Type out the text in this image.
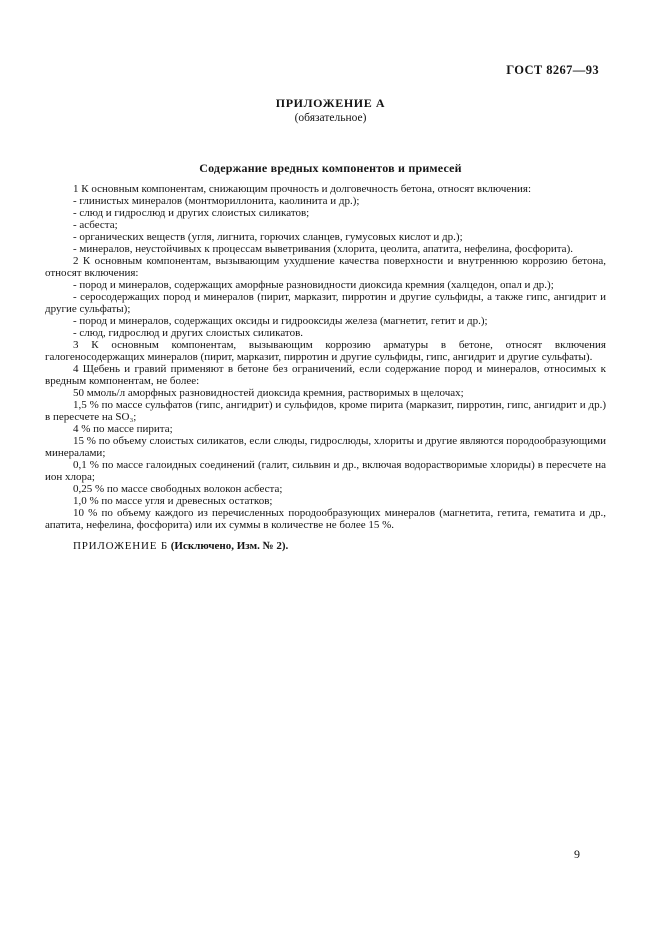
ГОСТ 8267—93
ПРИЛОЖЕНИЕ А
(обязательное)
Содержание вредных компонентов и примесей

1 К основным компонентам, снижающим прочность и долговечность бетона, относят включения:

- глинистых минералов (монтмориллонита, каолинита и др.);

- слюд и гидрослюд и других слоистых силикатов;

- асбеста;

- органических веществ (угля, лигнита, горючих сланцев, гумусовых кислот и др.);

- минералов, неустойчивых к процессам выветривания (хлорита, цеолита, апатита, нефелина, фосфорита).

2 К основным компонентам, вызывающим ухудшение качества поверхности и внутреннюю коррозию бетона, относят включения:

- пород и минералов, содержащих аморфные разновидности диоксида кремния (халцедон, опал и др.);

- серосодержащих пород и минералов (пирит, марказит, пирротин и другие сульфиды, а также гипс, ангидрит и другие сульфаты);

- пород и минералов, содержащих оксиды и гидрооксиды железа (магнетит, гетит и др.);

- слюд, гидрослюд и других слоистых силикатов.

3 К основным компонентам, вызывающим коррозию арматуры в бетоне, относят включения галогеносодержащих минералов (пирит, марказит, пирротин и другие сульфиды, гипс, ангидрит и другие сульфаты).

4 Щебень и гравий применяют в бетоне без ограничений, если содержание пород и минералов, относимых к вредным компонентам, не более:

50 ммоль/л аморфных разновидностей диоксида кремния, растворимых в щелочах;

1,5 % по массе сульфатов (гипс, ангидрит) и сульфидов, кроме пирита (марказит, пирротин, гипс, ангидрит и др.) в пересчете на SO₃;

4 % по массе пирита;

15 % по объему слоистых силикатов, если слюды, гидрослюды, хлориты и другие являются породообразующими минералами;

0,1 % по массе галоидных соединений (галит, сильвин и др., включая водорастворимые хлориды) в пересчете на ион хлора;

0,25 % по массе свободных волокон асбеста;

1,0 % по массе угля и древесных остатков;

10 % по объему каждого из перечисленных породообразующих минералов (магнетита, гетита, гематита и др., апатита, нефелина, фосфорита) или их суммы в количестве не более 15 %.

ПРИЛОЖЕНИЕ Б (Исключено, Изм. № 2).

9
